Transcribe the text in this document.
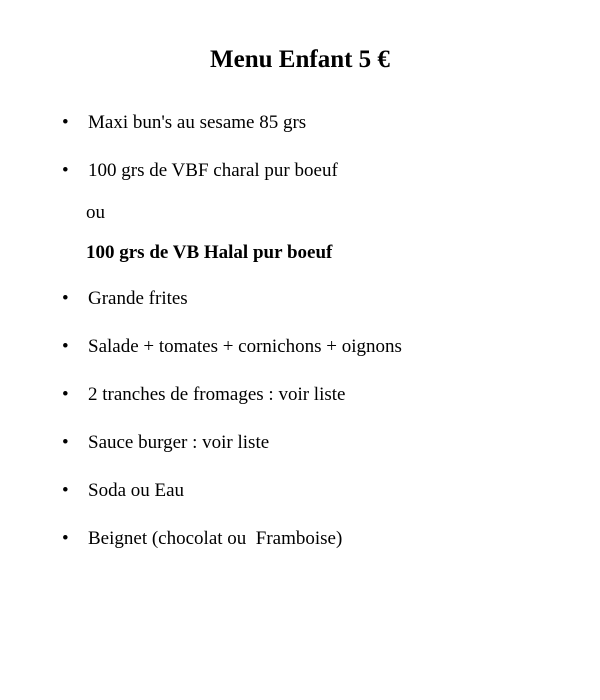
Menu Enfant 5 €
• Maxi bun's au sesame 85 grs
• 100 grs de VBF charal pur boeuf
ou
100 grs de VB Halal pur boeuf
• Grande frites
• Salade + tomates + cornichons + oignons
• 2 tranches de fromages : voir liste
• Sauce burger : voir liste
• Soda ou Eau
• Beignet (chocolat ou  Framboise)
